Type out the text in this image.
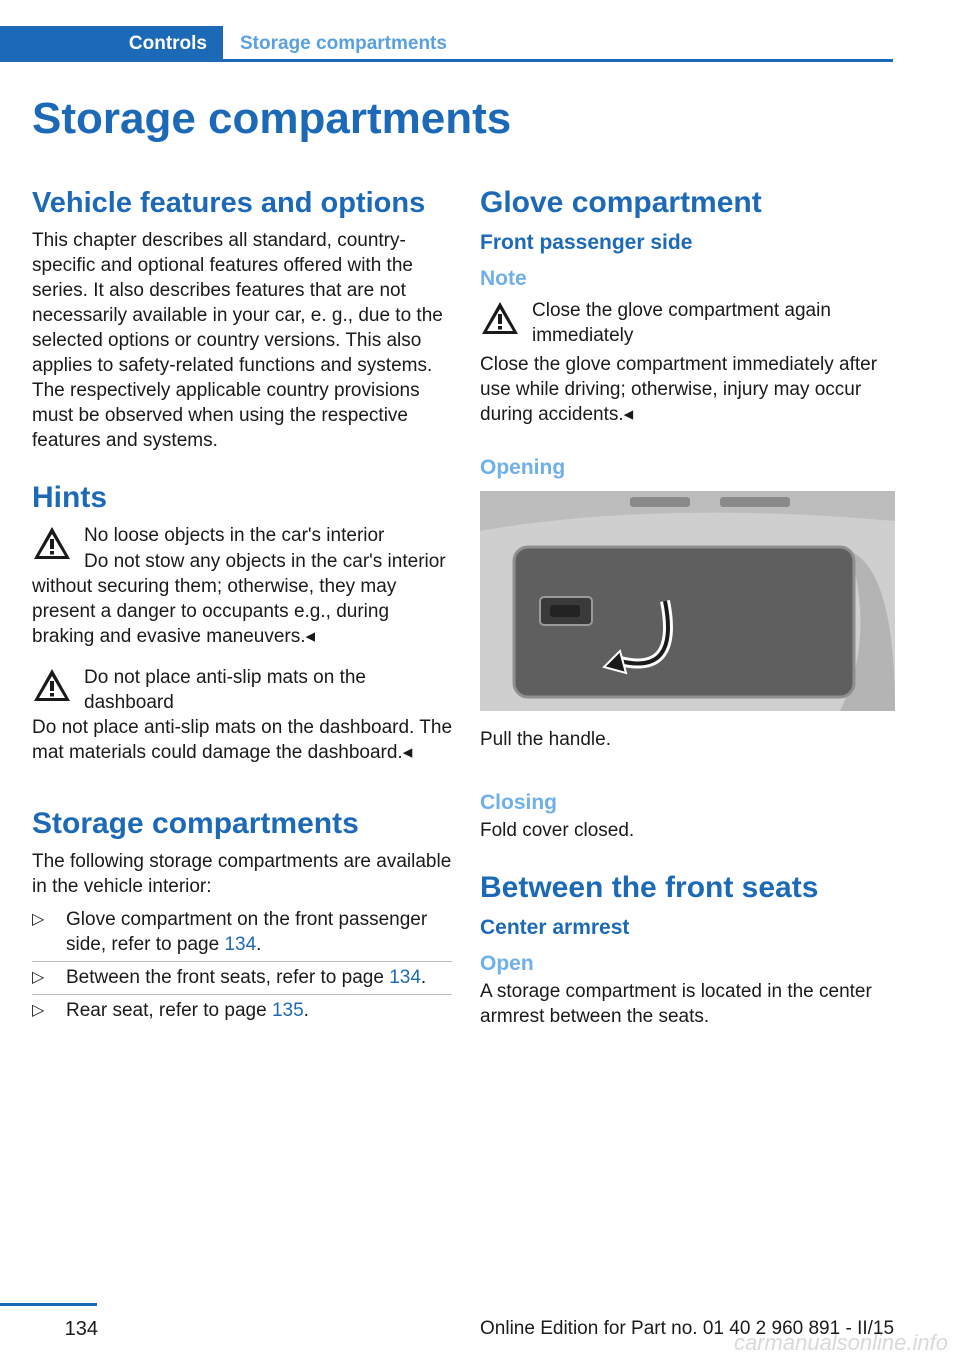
Controls	Storage compartments
Storage compartments
Vehicle features and options

This chapter describes all standard, country-specific and optional features offered with the series. It also describes features that are not necessarily available in your car, e. g., due to the selected options or country versions. This also applies to safety-related functions and systems. The respectively applicable country provisions must be observed when using the respective features and systems.

Hints

No loose objects in the car's interior

Do not stow any objects in the car's interior without securing them; otherwise, they may present a danger to occupants e.g., during braking and evasive maneuvers.◂

Do not place anti-slip mats on the dashboard

Do not place anti-slip mats on the dashboard. The mat materials could damage the dashboard.◂

Storage compartments

The following storage compartments are available in the vehicle interior:

▷ Glove compartment on the front passenger side, refer to page 134.
▷ Between the front seats, refer to page 134.
▷ Rear seat, refer to page 135.
Glove compartment
Front passenger side
Note

Close the glove compartment again immediately

Close the glove compartment immediately after use while driving; otherwise, injury may occur during accidents.◂

Opening

Pull the handle.

Closing

Fold cover closed.

Between the front seats
Center armrest
Open

A storage compartment is located in the center armrest between the seats.

134	Online Edition for Part no. 01 40 2 960 891 - II/15
carmanualsonline.info
